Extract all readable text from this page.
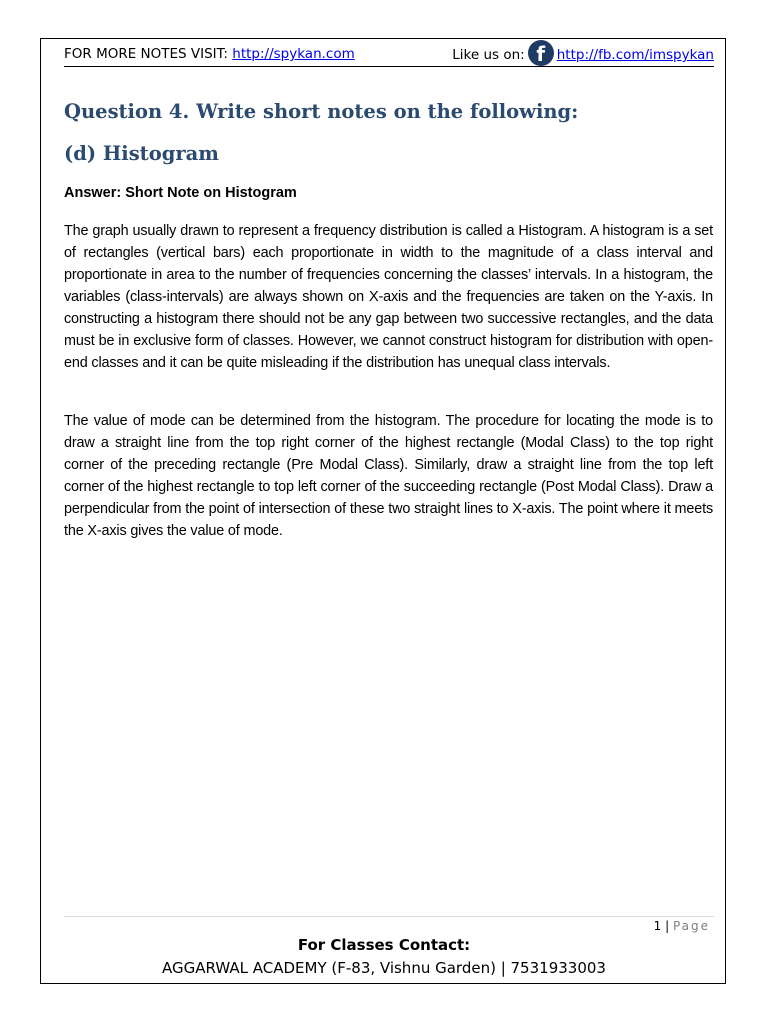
FOR MORE NOTES VISIT: http://spykan.com	Like us on: f http://fb.com/imspykan
Question 4. Write short notes on the following:
(d) Histogram

Answer: Short Note on Histogram

The graph usually drawn to represent a frequency distribution is called a Histogram. A histogram is a set of rectangles (vertical bars) each proportionate in width to the magnitude of a class interval and proportionate in area to the number of frequencies concerning the classes’ intervals. In a histogram, the variables (class-intervals) are always shown on X-axis and the frequencies are taken on the Y-axis. In constructing a histogram there should not be any gap between two successive rectangles, and the data must be in exclusive form of classes. However, we cannot construct histogram for distribution with open-end classes and it can be quite misleading if the distribution has unequal class intervals.

The value of mode can be determined from the histogram. The procedure for locating the mode is to draw a straight line from the top right corner of the highest rectangle (Modal Class) to the top right corner of the preceding rectangle (Pre Modal Class). Similarly, draw a straight line from the top left corner of the highest rectangle to top left corner of the succeeding rectangle (Post Modal Class). Draw a perpendicular from the point of intersection of these two straight lines to X-axis. The point where it meets the X-axis gives the value of mode.

1 | Page
For Classes Contact:
AGGARWAL ACADEMY (F-83, Vishnu Garden) | 7531933003
